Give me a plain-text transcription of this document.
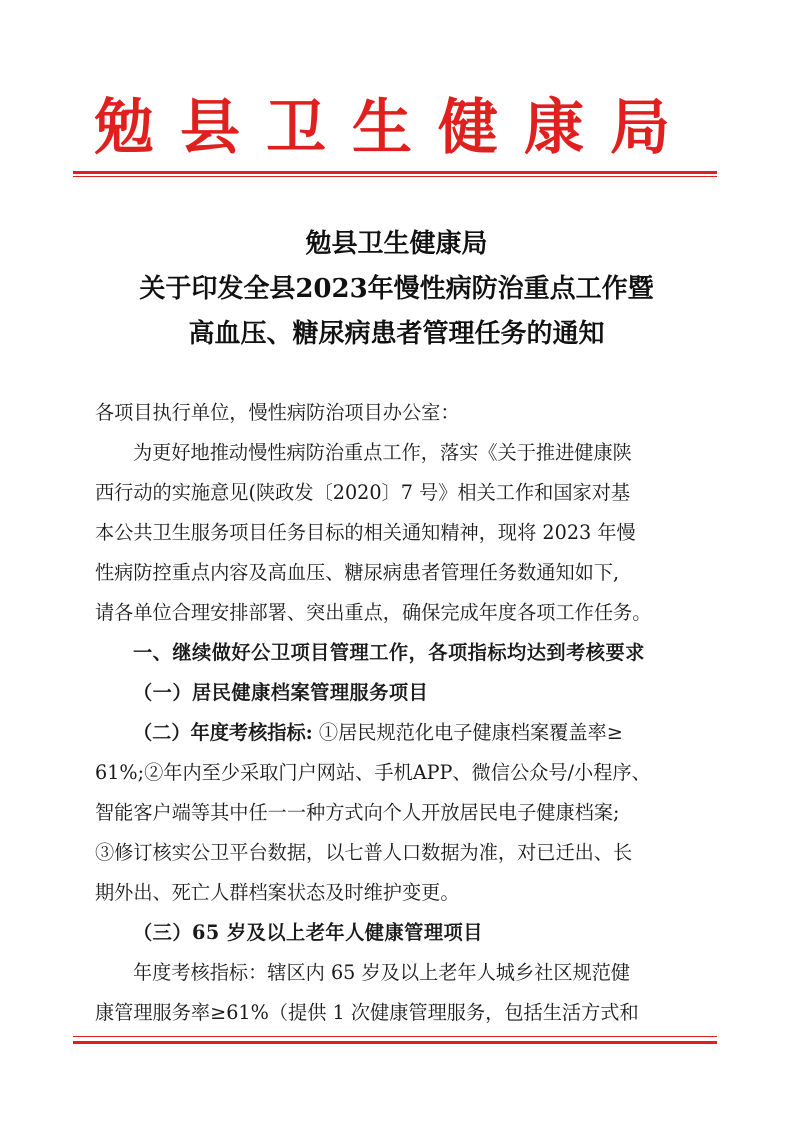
勉县卫生健康局
勉县卫生健康局
关于印发全县2023年慢性病防治重点工作暨
高血压、糖尿病患者管理任务的通知
各项目执行单位，慢性病防治项目办公室：
为更好地推动慢性病防治重点工作，落实《关于推进健康陕
西行动的实施意见(陕政发〔2020〕7 号》相关工作和国家对基
本公共卫生服务项目任务目标的相关通知精神，现将 2023 年慢
性病防控重点内容及高血压、糖尿病患者管理任务数通知如下,
请各单位合理安排部署、突出重点，确保完成年度各项工作任务。
一、继续做好公卫项目管理工作，各项指标均达到考核要求
（一）居民健康档案管理服务项目
（二）年度考核指标: ①居民规范化电子健康档案覆盖率≥
61%;②年内至少采取门户网站、手机APP、微信公众号/小程序、
智能客户端等其中任一一种方式向个人开放居民电子健康档案;
③修订核实公卫平台数据，以七普人口数据为准，对已迁出、长
期外出、死亡人群档案状态及时维护变更。
（三）65 岁及以上老年人健康管理项目
年度考核指标：辖区内 65 岁及以上老年人城乡社区规范健
康管理服务率≥61%（提供 1 次健康管理服务，包括生活方式和
